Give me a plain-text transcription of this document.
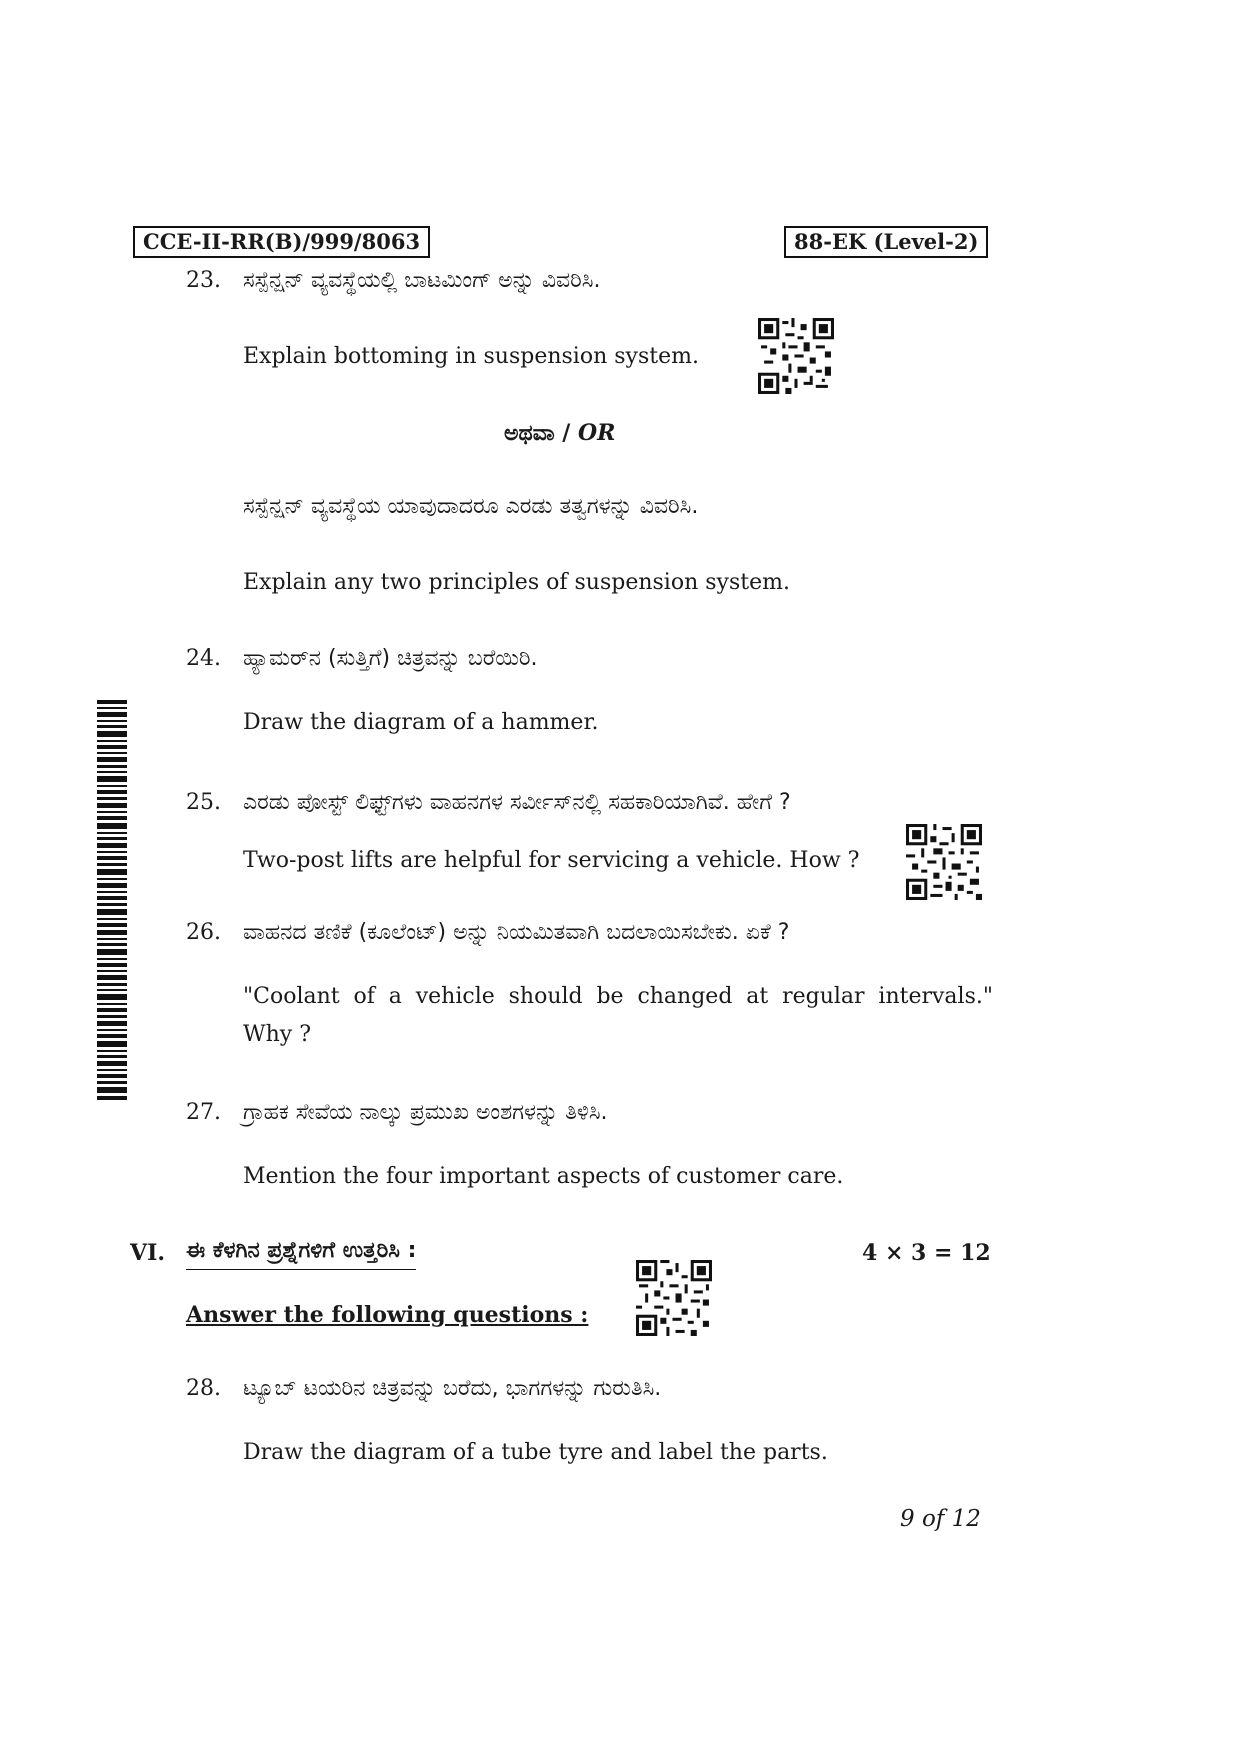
CCE-II-RR(B)/999/8063	88-EK (Level-2)
23. ಸಸ್ಪೆನ್ಷನ್ ವ್ಯವಸ್ಥೆಯಲ್ಲಿ ಬಾಟಮಿಂಗ್ ಅನ್ನು ವಿವರಿಸಿ.
Explain bottoming in suspension system.
ಅಥವಾ / OR
ಸಸ್ಪೆನ್ಷನ್ ವ್ಯವಸ್ಥೆಯ ಯಾವುದಾದರೂ ಎರಡು ತತ್ವಗಳನ್ನು ವಿವರಿಸಿ.
Explain any two principles of suspension system.
24. ಹ್ಯಾಮರ್‌ನ (ಸುತ್ತಿಗೆ) ಚಿತ್ರವನ್ನು ಬರೆಯಿರಿ.
Draw the diagram of a hammer.
25. ಎರಡು ಪೋಸ್ಟ್ ಲಿಫ್ಟ್‌ಗಳು ವಾಹನಗಳ ಸರ್ವೀಸ್‌ನಲ್ಲಿ ಸಹಕಾರಿಯಾಗಿವೆ. ಹೇಗೆ ?
Two-post lifts are helpful for servicing a vehicle. How ?
26. ವಾಹನದ ತಣಿಕೆ (ಕೂಲೆಂಟ್) ಅನ್ನು ನಿಯಮಿತವಾಗಿ ಬದಲಾಯಿಸಬೇಕು. ಏಕೆ ?
"Coolant of a vehicle should be changed at regular intervals."
Why ?
27. ಗ್ರಾಹಕ ಸೇವೆಯ ನಾಲ್ಕು ಪ್ರಮುಖ ಅಂಶಗಳನ್ನು ತಿಳಿಸಿ.
Mention the four important aspects of customer care.
VI. ಈ ಕೆಳಗಿನ ಪ್ರಶ್ನೆಗಳಿಗೆ ಉತ್ತರಿಸಿ :
Answer the following questions :
4 × 3 = 12
28. ಟ್ಯೂಬ್ ಟಯರಿನ ಚಿತ್ರವನ್ನು ಬರೆದು, ಭಾಗಗಳನ್ನು ಗುರುತಿಸಿ.
Draw the diagram of a tube tyre and label the parts.
9 of 12
